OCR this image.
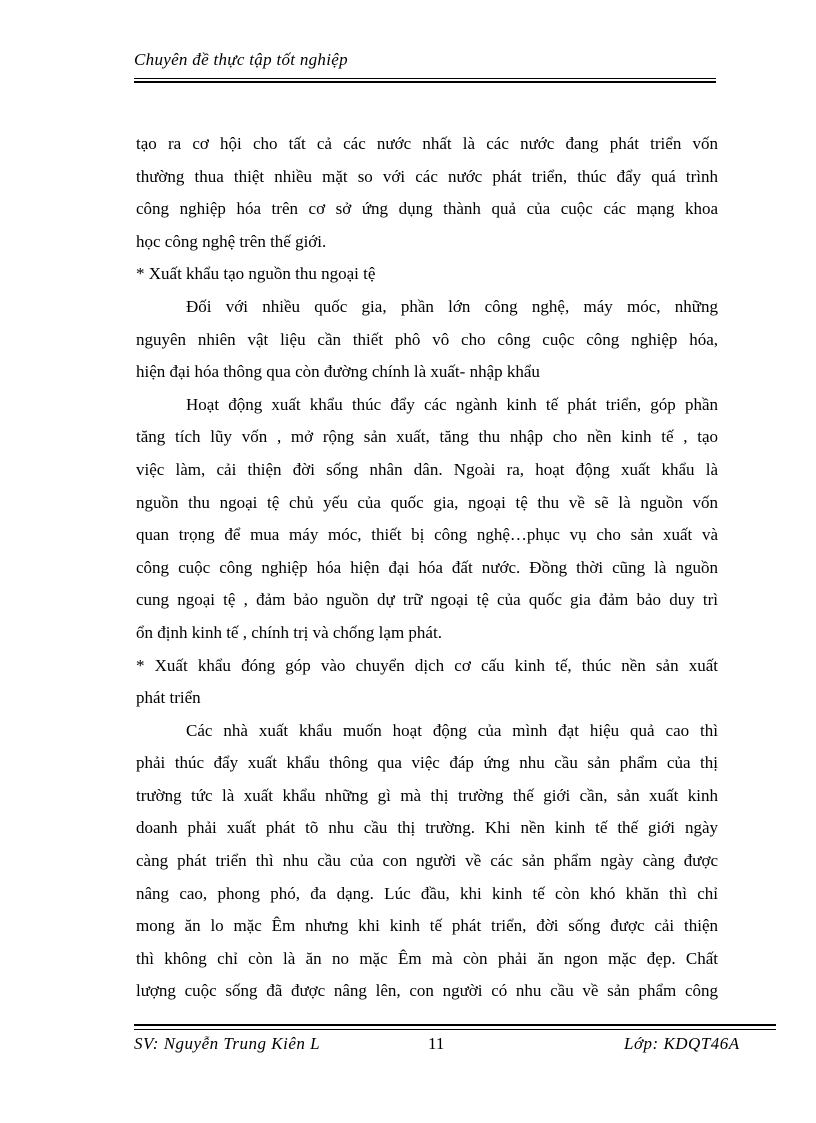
Chuyên đề thực tập tốt nghiệp
tạo ra cơ hội cho tất cả các nước nhất là các nước đang phát triển vốn
thường thua thiệt nhiều mặt so với các nước phát triển, thúc đẩy quá trình
công nghiệp hóa trên cơ sở ứng dụng thành quả của cuộc các mạng khoa
học công nghệ trên thế giới.
* Xuất khẩu tạo nguồn thu ngoại tệ
Đối với nhiều quốc gia, phần lớn công nghệ, máy móc, những
nguyên nhiên vật liệu cần thiết phô vô cho công cuộc công nghiệp hóa,
hiện đại hóa thông qua còn đường chính là xuất- nhập khẩu
Hoạt động xuất khẩu thúc đẩy các ngành kinh tế phát triển, góp phần
tăng tích lũy vốn , mở rộng sản xuất, tăng thu nhập cho nền kinh tế , tạo
việc làm, cải thiện đời sống nhân dân. Ngoài ra, hoạt động xuất khẩu là
nguồn thu ngoại tệ chủ yếu của quốc gia, ngoại tệ thu về sẽ là nguồn vốn
quan trọng để mua máy móc, thiết bị công nghệ…phục vụ cho sản xuất và
công cuộc công nghiệp hóa hiện đại hóa đất nước. Đồng thời cũng là nguồn
cung ngoại tệ , đảm bảo nguồn dự trữ ngoại tệ của quốc gia đảm bảo duy trì
ổn định kinh tế , chính trị và chống lạm phát.
* Xuất khẩu đóng góp vào chuyển dịch cơ cấu kinh tế, thúc nền sản xuất
phát triển
Các nhà xuất khẩu muốn hoạt động của mình đạt hiệu quả cao thì
phải thúc đẩy xuất khẩu thông qua việc đáp ứng nhu cầu sản phẩm của thị
trường tức là xuất khẩu những gì mà thị trường thế giới cần, sản xuất kinh
doanh phải xuất phát tõ nhu cầu thị trường. Khi nền kinh tế thế giới ngày
càng phát triển thì nhu cầu của con người về các sản phẩm ngày càng được
nâng cao, phong phó, đa dạng. Lúc đầu, khi kinh tế còn khó khăn thì chỉ
mong ăn lo mặc Êm nhưng khi kinh tế phát triển, đời sống được cải thiện
thì không chỉ còn là ăn no mặc Êm mà còn phải ăn ngon mặc đẹp. Chất
lượng cuộc sống đã được nâng lên, con người có nhu cầu về sản phẩm công
SV: Nguyễn Trung Kiên L	11	Lớp: KDQT46A
